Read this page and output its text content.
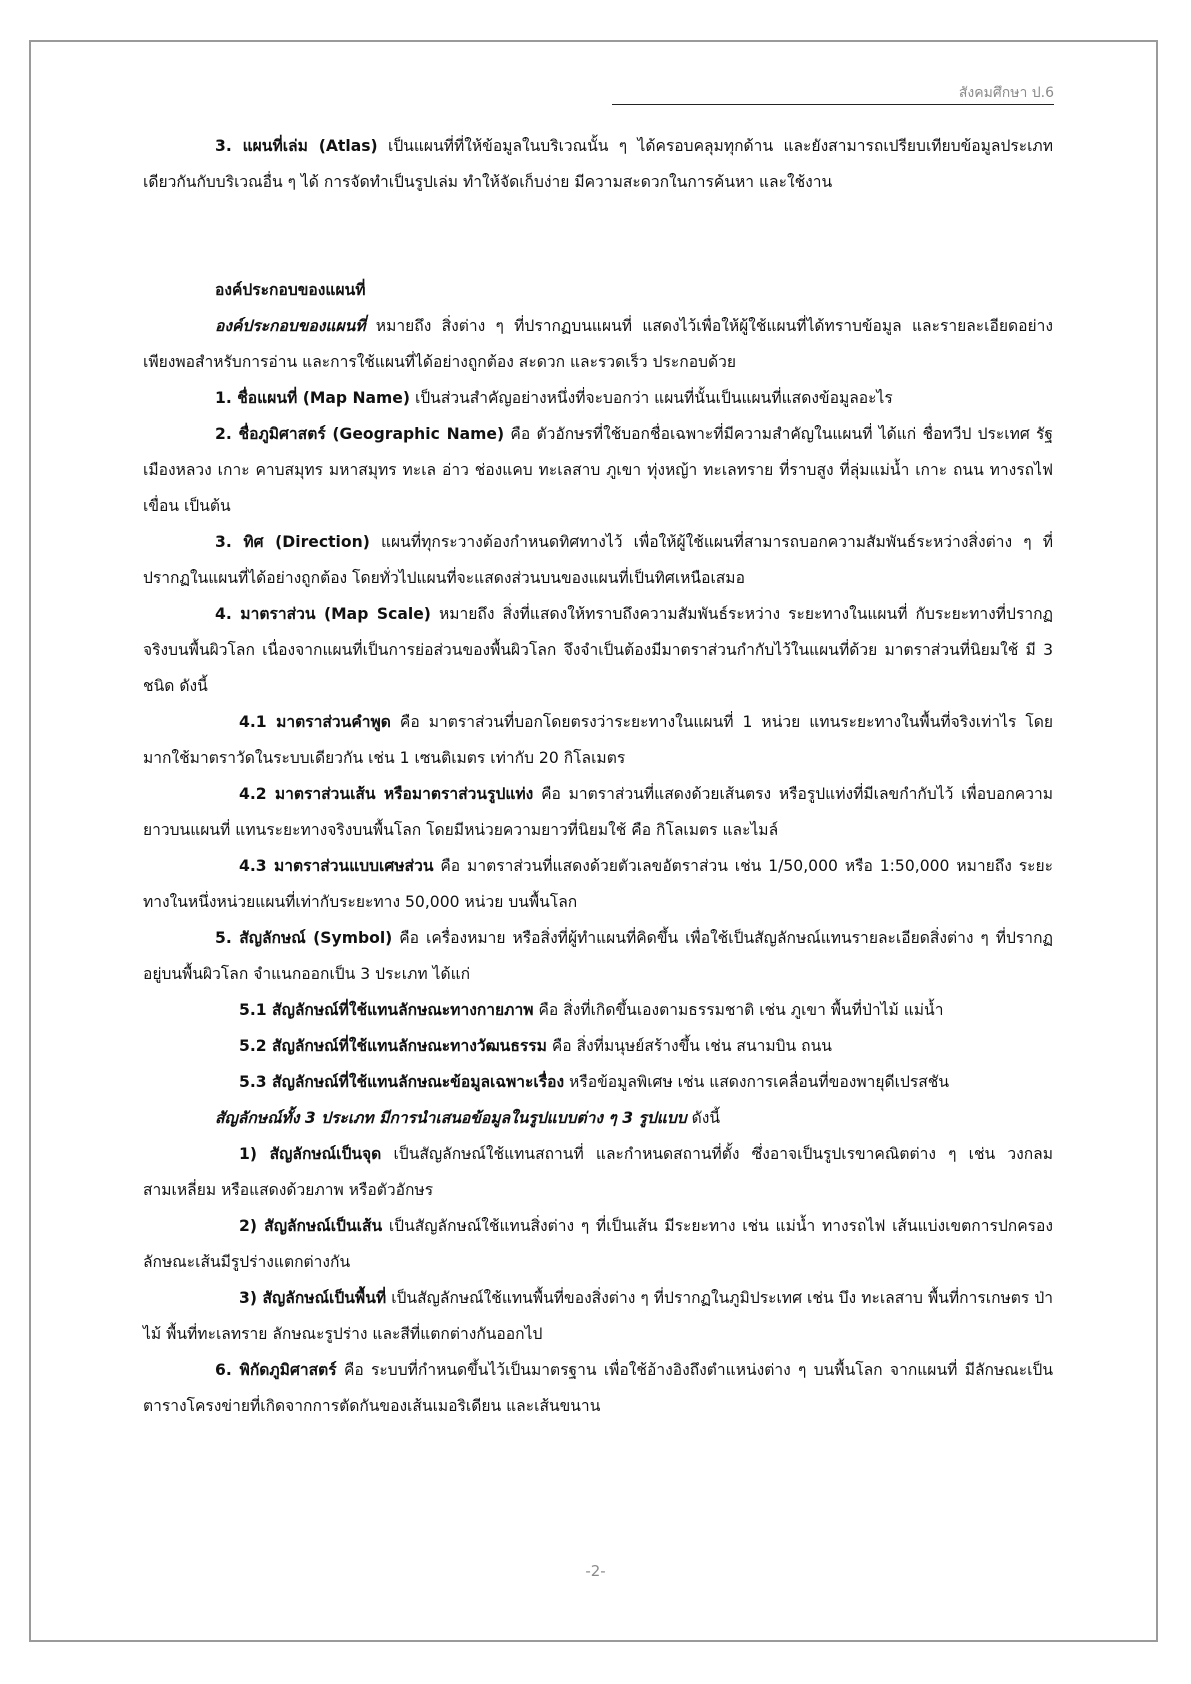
สังคมศึกษา ป.6

3. แผนที่เล่ม (Atlas) เป็นแผนที่ที่ให้ข้อมูลในบริเวณนั้น ๆ ได้ครอบคลุมทุกด้าน และยังสามารถเปรียบเทียบข้อมูลประเภทเดียวกันกับบริเวณอื่น ๆ ได้ การจัดทำเป็นรูปเล่ม ทำให้จัดเก็บง่าย มีความสะดวกในการค้นหา และใช้งาน

องค์ประกอบของแผนที่

องค์ประกอบของแผนที่ หมายถึง สิ่งต่าง ๆ ที่ปรากฏบนแผนที่ แสดงไว้เพื่อให้ผู้ใช้แผนที่ได้ทราบข้อมูล และรายละเอียดอย่างเพียงพอสำหรับการอ่าน และการใช้แผนที่ได้อย่างถูกต้อง สะดวก และรวดเร็ว ประกอบด้วย

1. ชื่อแผนที่ (Map Name) เป็นส่วนสำคัญอย่างหนึ่งที่จะบอกว่า แผนที่นั้นเป็นแผนที่แสดงข้อมูลอะไร

2. ชื่อภูมิศาสตร์ (Geographic Name) คือ ตัวอักษรที่ใช้บอกชื่อเฉพาะที่มีความสำคัญในแผนที่ ได้แก่ ชื่อทวีป ประเทศ รัฐ เมืองหลวง เกาะ คาบสมุทร มหาสมุทร ทะเล อ่าว ช่องแคบ ทะเลสาบ ภูเขา ทุ่งหญ้า ทะเลทราย ที่ราบสูง ที่ลุ่มแม่น้ำ เกาะ ถนน ทางรถไฟ เขื่อน เป็นต้น

3. ทิศ (Direction) แผนที่ทุกระวางต้องกำหนดทิศทางไว้ เพื่อให้ผู้ใช้แผนที่สามารถบอกความสัมพันธ์ระหว่างสิ่งต่าง ๆ ที่ปรากฏในแผนที่ได้อย่างถูกต้อง โดยทั่วไปแผนที่จะแสดงส่วนบนของแผนที่เป็นทิศเหนือเสมอ

4. มาตราส่วน (Map Scale) หมายถึง สิ่งที่แสดงให้ทราบถึงความสัมพันธ์ระหว่าง ระยะทางในแผนที่ กับระยะทางที่ปรากฏจริงบนพื้นผิวโลก เนื่องจากแผนที่เป็นการย่อส่วนของพื้นผิวโลก จึงจำเป็นต้องมีมาตราส่วนกำกับไว้ในแผนที่ด้วย มาตราส่วนที่นิยมใช้ มี 3 ชนิด ดังนี้

4.1 มาตราส่วนคำพูด คือ มาตราส่วนที่บอกโดยตรงว่าระยะทางในแผนที่ 1 หน่วย แทนระยะทางในพื้นที่จริงเท่าไร โดยมากใช้มาตราวัดในระบบเดียวกัน เช่น 1 เซนติเมตร เท่ากับ 20 กิโลเมตร

4.2 มาตราส่วนเส้น หรือมาตราส่วนรูปแท่ง คือ มาตราส่วนที่แสดงด้วยเส้นตรง หรือรูปแท่งที่มีเลขกำกับไว้ เพื่อบอกความยาวบนแผนที่ แทนระยะทางจริงบนพื้นโลก โดยมีหน่วยความยาวที่นิยมใช้ คือ กิโลเมตร และไมล์

4.3 มาตราส่วนแบบเศษส่วน คือ มาตราส่วนที่แสดงด้วยตัวเลขอัตราส่วน เช่น 1/50,000 หรือ 1:50,000 หมายถึง ระยะทางในหนึ่งหน่วยแผนที่เท่ากับระยะทาง 50,000 หน่วย บนพื้นโลก

5. สัญลักษณ์ (Symbol) คือ เครื่องหมาย หรือสิ่งที่ผู้ทำแผนที่คิดขึ้น เพื่อใช้เป็นสัญลักษณ์แทนรายละเอียดสิ่งต่าง ๆ ที่ปรากฏอยู่บนพื้นผิวโลก จำแนกออกเป็น 3 ประเภท ได้แก่

5.1 สัญลักษณ์ที่ใช้แทนลักษณะทางกายภาพ คือ สิ่งที่เกิดขึ้นเองตามธรรมชาติ เช่น ภูเขา พื้นที่ป่าไม้ แม่น้ำ

5.2 สัญลักษณ์ที่ใช้แทนลักษณะทางวัฒนธรรม คือ สิ่งที่มนุษย์สร้างขึ้น เช่น สนามบิน ถนน

5.3 สัญลักษณ์ที่ใช้แทนลักษณะข้อมูลเฉพาะเรื่อง หรือข้อมูลพิเศษ เช่น แสดงการเคลื่อนที่ของพายุดีเปรสชัน

สัญลักษณ์ทั้ง 3 ประเภท มีการนำเสนอข้อมูลในรูปแบบต่าง ๆ 3 รูปแบบ ดังนี้

1) สัญลักษณ์เป็นจุด เป็นสัญลักษณ์ใช้แทนสถานที่ และกำหนดสถานที่ตั้ง ซึ่งอาจเป็นรูปเรขาคณิตต่าง ๆ เช่น วงกลม สามเหลี่ยม หรือแสดงด้วยภาพ หรือตัวอักษร

2) สัญลักษณ์เป็นเส้น เป็นสัญลักษณ์ใช้แทนสิ่งต่าง ๆ ที่เป็นเส้น มีระยะทาง เช่น แม่น้ำ ทางรถไฟ เส้นแบ่งเขตการปกครอง ลักษณะเส้นมีรูปร่างแตกต่างกัน

3) สัญลักษณ์เป็นพื้นที่ เป็นสัญลักษณ์ใช้แทนพื้นที่ของสิ่งต่าง ๆ ที่ปรากฏในภูมิประเทศ เช่น บึง ทะเลสาบ พื้นที่การเกษตร ป่าไม้ พื้นที่ทะเลทราย ลักษณะรูปร่าง และสีที่แตกต่างกันออกไป

6. พิกัดภูมิศาสตร์ คือ ระบบที่กำหนดขึ้นไว้เป็นมาตรฐาน เพื่อใช้อ้างอิงถึงตำแหน่งต่าง ๆ บนพื้นโลก จากแผนที่ มีลักษณะเป็นตารางโครงข่ายที่เกิดจากการตัดกันของเส้นเมอริเดียน และเส้นขนาน

-2-
